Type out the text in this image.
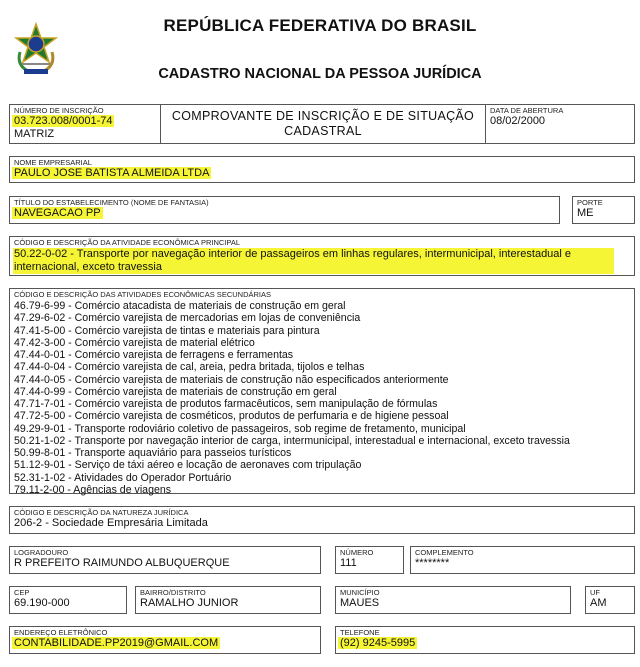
REPÚBLICA FEDERATIVA DO BRASIL
CADASTRO NACIONAL DA PESSOA JURÍDICA
NÚMERO DE INSCRIÇÃO
03.723.008/0001-74
MATRIZ
COMPROVANTE DE INSCRIÇÃO E DE SITUAÇÃO
CADASTRAL
DATA DE ABERTURA
08/02/2000
NOME EMPRESARIAL
PAULO JOSE BATISTA ALMEIDA LTDA
TÍTULO DO ESTABELECIMENTO (NOME DE FANTASIA)
NAVEGACAO PP
PORTE
ME
CÓDIGO E DESCRIÇÃO DA ATIVIDADE ECONÔMICA PRINCIPAL
50.22-0-02 - Transporte por navegação interior de passageiros em linhas regulares, intermunicipal, interestadual e
internacional, exceto travessia
CÓDIGO E DESCRIÇÃO DAS ATIVIDADES ECONÔMICAS SECUNDÁRIAS
46.79-6-99 - Comércio atacadista de materiais de construção em geral
47.29-6-02 - Comércio varejista de mercadorias em lojas de conveniência
47.41-5-00 - Comércio varejista de tintas e materiais para pintura
47.42-3-00 - Comércio varejista de material elétrico
47.44-0-01 - Comércio varejista de ferragens e ferramentas
47.44-0-04 - Comércio varejista de cal, areia, pedra britada, tijolos e telhas
47.44-0-05 - Comércio varejista de materiais de construção não especificados anteriormente
47.44-0-99 - Comércio varejista de materiais de construção em geral
47.71-7-01 - Comércio varejista de produtos farmacêuticos, sem manipulação de fórmulas
47.72-5-00 - Comércio varejista de cosméticos, produtos de perfumaria e de higiene pessoal
49.29-9-01 - Transporte rodoviário coletivo de passageiros, sob regime de fretamento, municipal
50.21-1-02 - Transporte por navegação interior de carga, intermunicipal, interestadual e internacional, exceto travessia
50.99-8-01 - Transporte aquaviário para passeios turísticos
51.12-9-01 - Serviço de táxi aéreo e locação de aeronaves com tripulação
52.31-1-02 - Atividades do Operador Portuário
79.11-2-00 - Agências de viagens
CÓDIGO E DESCRIÇÃO DA NATUREZA JURÍDICA
206-2 - Sociedade Empresária Limitada
LOGRADOURO
R PREFEITO RAIMUNDO ALBUQUERQUE
NÚMERO
111
COMPLEMENTO
********
CEP
69.190-000
BAIRRO/DISTRITO
RAMALHO JUNIOR
MUNICÍPIO
MAUES
UF
AM
ENDEREÇO ELETRÔNICO
CONTABILIDADE.PP2019@GMAIL.COM
TELEFONE
(92) 9245-5995
